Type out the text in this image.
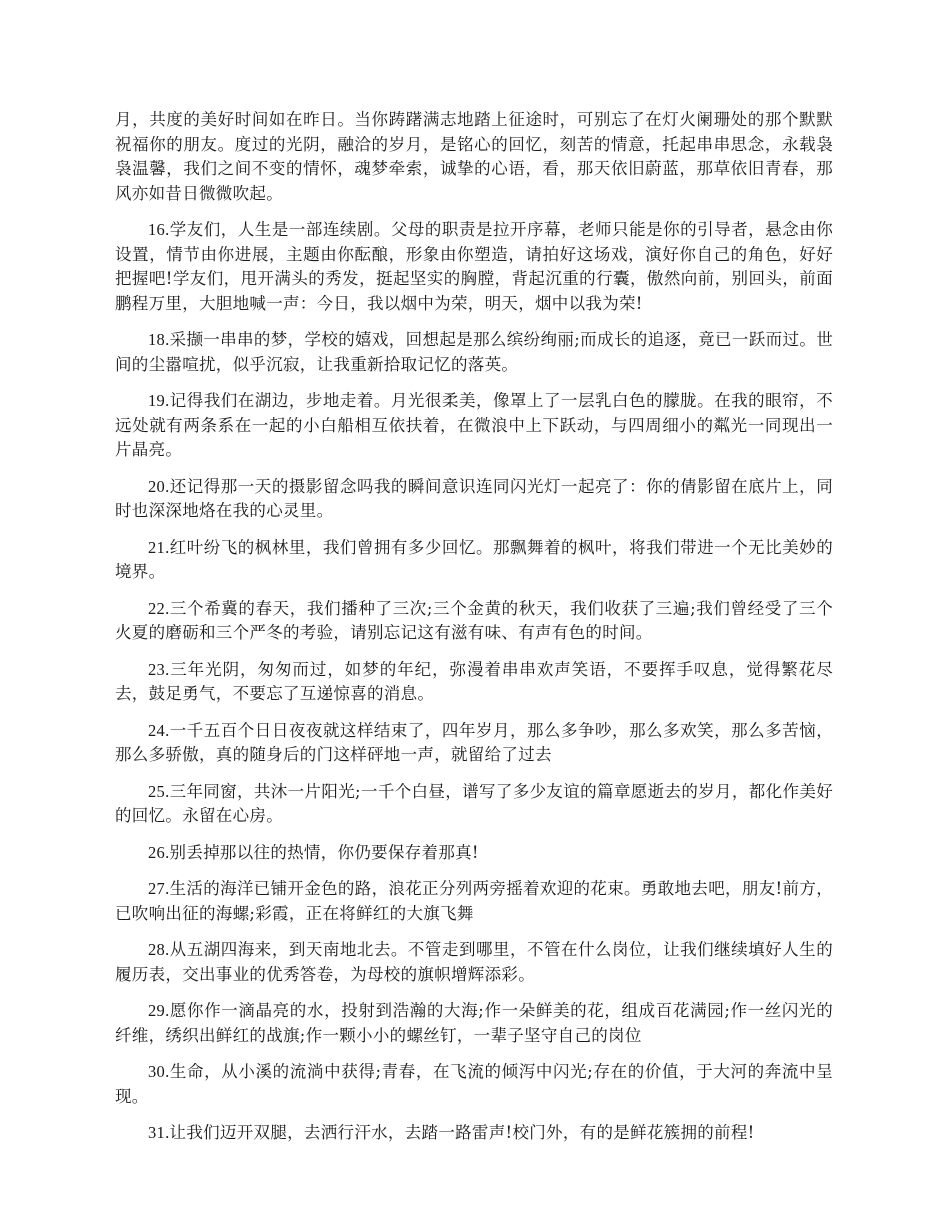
月，共度的美好时间如在昨日。当你踌躇满志地踏上征途时，可别忘了在灯火阑珊处的那个默默祝福你的朋友。度过的光阴，融洽的岁月，是铭心的回忆，刻苦的情意，托起串串思念，永载袅袅温馨，我们之间不变的情怀，魂梦牵索，诚挚的心语，看，那天依旧蔚蓝，那草依旧青春，那风亦如昔日微微吹起。

16.学友们，人生是一部连续剧。父母的职责是拉开序幕，老师只能是你的引导者，悬念由你设置，情节由你进展，主题由你酝酿，形象由你塑造，请拍好这场戏，演好你自己的角色，好好把握吧!学友们，甩开满头的秀发，挺起坚实的胸膛，背起沉重的行囊，傲然向前，别回头，前面鹏程万里，大胆地喊一声：今日，我以烟中为荣，明天，烟中以我为荣!

18.采撷一串串的梦，学校的嬉戏，回想起是那么缤纷绚丽;而成长的追逐，竟已一跃而过。世间的尘嚣喧扰，似乎沉寂，让我重新拾取记忆的落英。

19.记得我们在湖边，步地走着。月光很柔美，像罩上了一层乳白色的朦胧。在我的眼帘，不远处就有两条系在一起的小白船相互依扶着，在微浪中上下跃动，与四周细小的粼光一同现出一片晶亮。

20.还记得那一天的摄影留念吗我的瞬间意识连同闪光灯一起亮了：你的倩影留在底片上，同时也深深地烙在我的心灵里。

21.红叶纷飞的枫林里，我们曾拥有多少回忆。那飘舞着的枫叶，将我们带进一个无比美妙的境界。

22.三个希冀的春天，我们播种了三次;三个金黄的秋天，我们收获了三遍;我们曾经受了三个火夏的磨砺和三个严冬的考验，请别忘记这有滋有味、有声有色的时间。

23.三年光阴，匆匆而过，如梦的年纪，弥漫着串串欢声笑语，不要挥手叹息，觉得繁花尽去，鼓足勇气，不要忘了互递惊喜的消息。

24.一千五百个日日夜夜就这样结束了，四年岁月，那么多争吵，那么多欢笑，那么多苦恼，那么多骄傲，真的随身后的门这样砰地一声，就留给了过去

25.三年同窗，共沐一片阳光;一千个白昼，谱写了多少友谊的篇章愿逝去的岁月，都化作美好的回忆。永留在心房。

26.别丢掉那以往的热情，你仍要保存着那真!

27.生活的海洋已铺开金色的路，浪花正分列两旁摇着欢迎的花束。勇敢地去吧，朋友!前方，已吹响出征的海螺;彩霞，正在将鲜红的大旗飞舞

28.从五湖四海来，到天南地北去。不管走到哪里，不管在什么岗位，让我们继续填好人生的履历表，交出事业的优秀答卷，为母校的旗帜增辉添彩。

29.愿你作一滴晶亮的水，投射到浩瀚的大海;作一朵鲜美的花，组成百花满园;作一丝闪光的纤维，绣织出鲜红的战旗;作一颗小小的螺丝钉，一辈子坚守自己的岗位

30.生命，从小溪的流淌中获得;青春，在飞流的倾泻中闪光;存在的价值，于大河的奔流中呈现。

31.让我们迈开双腿，去洒行汗水，去踏一路雷声!校门外，有的是鲜花簇拥的前程!
